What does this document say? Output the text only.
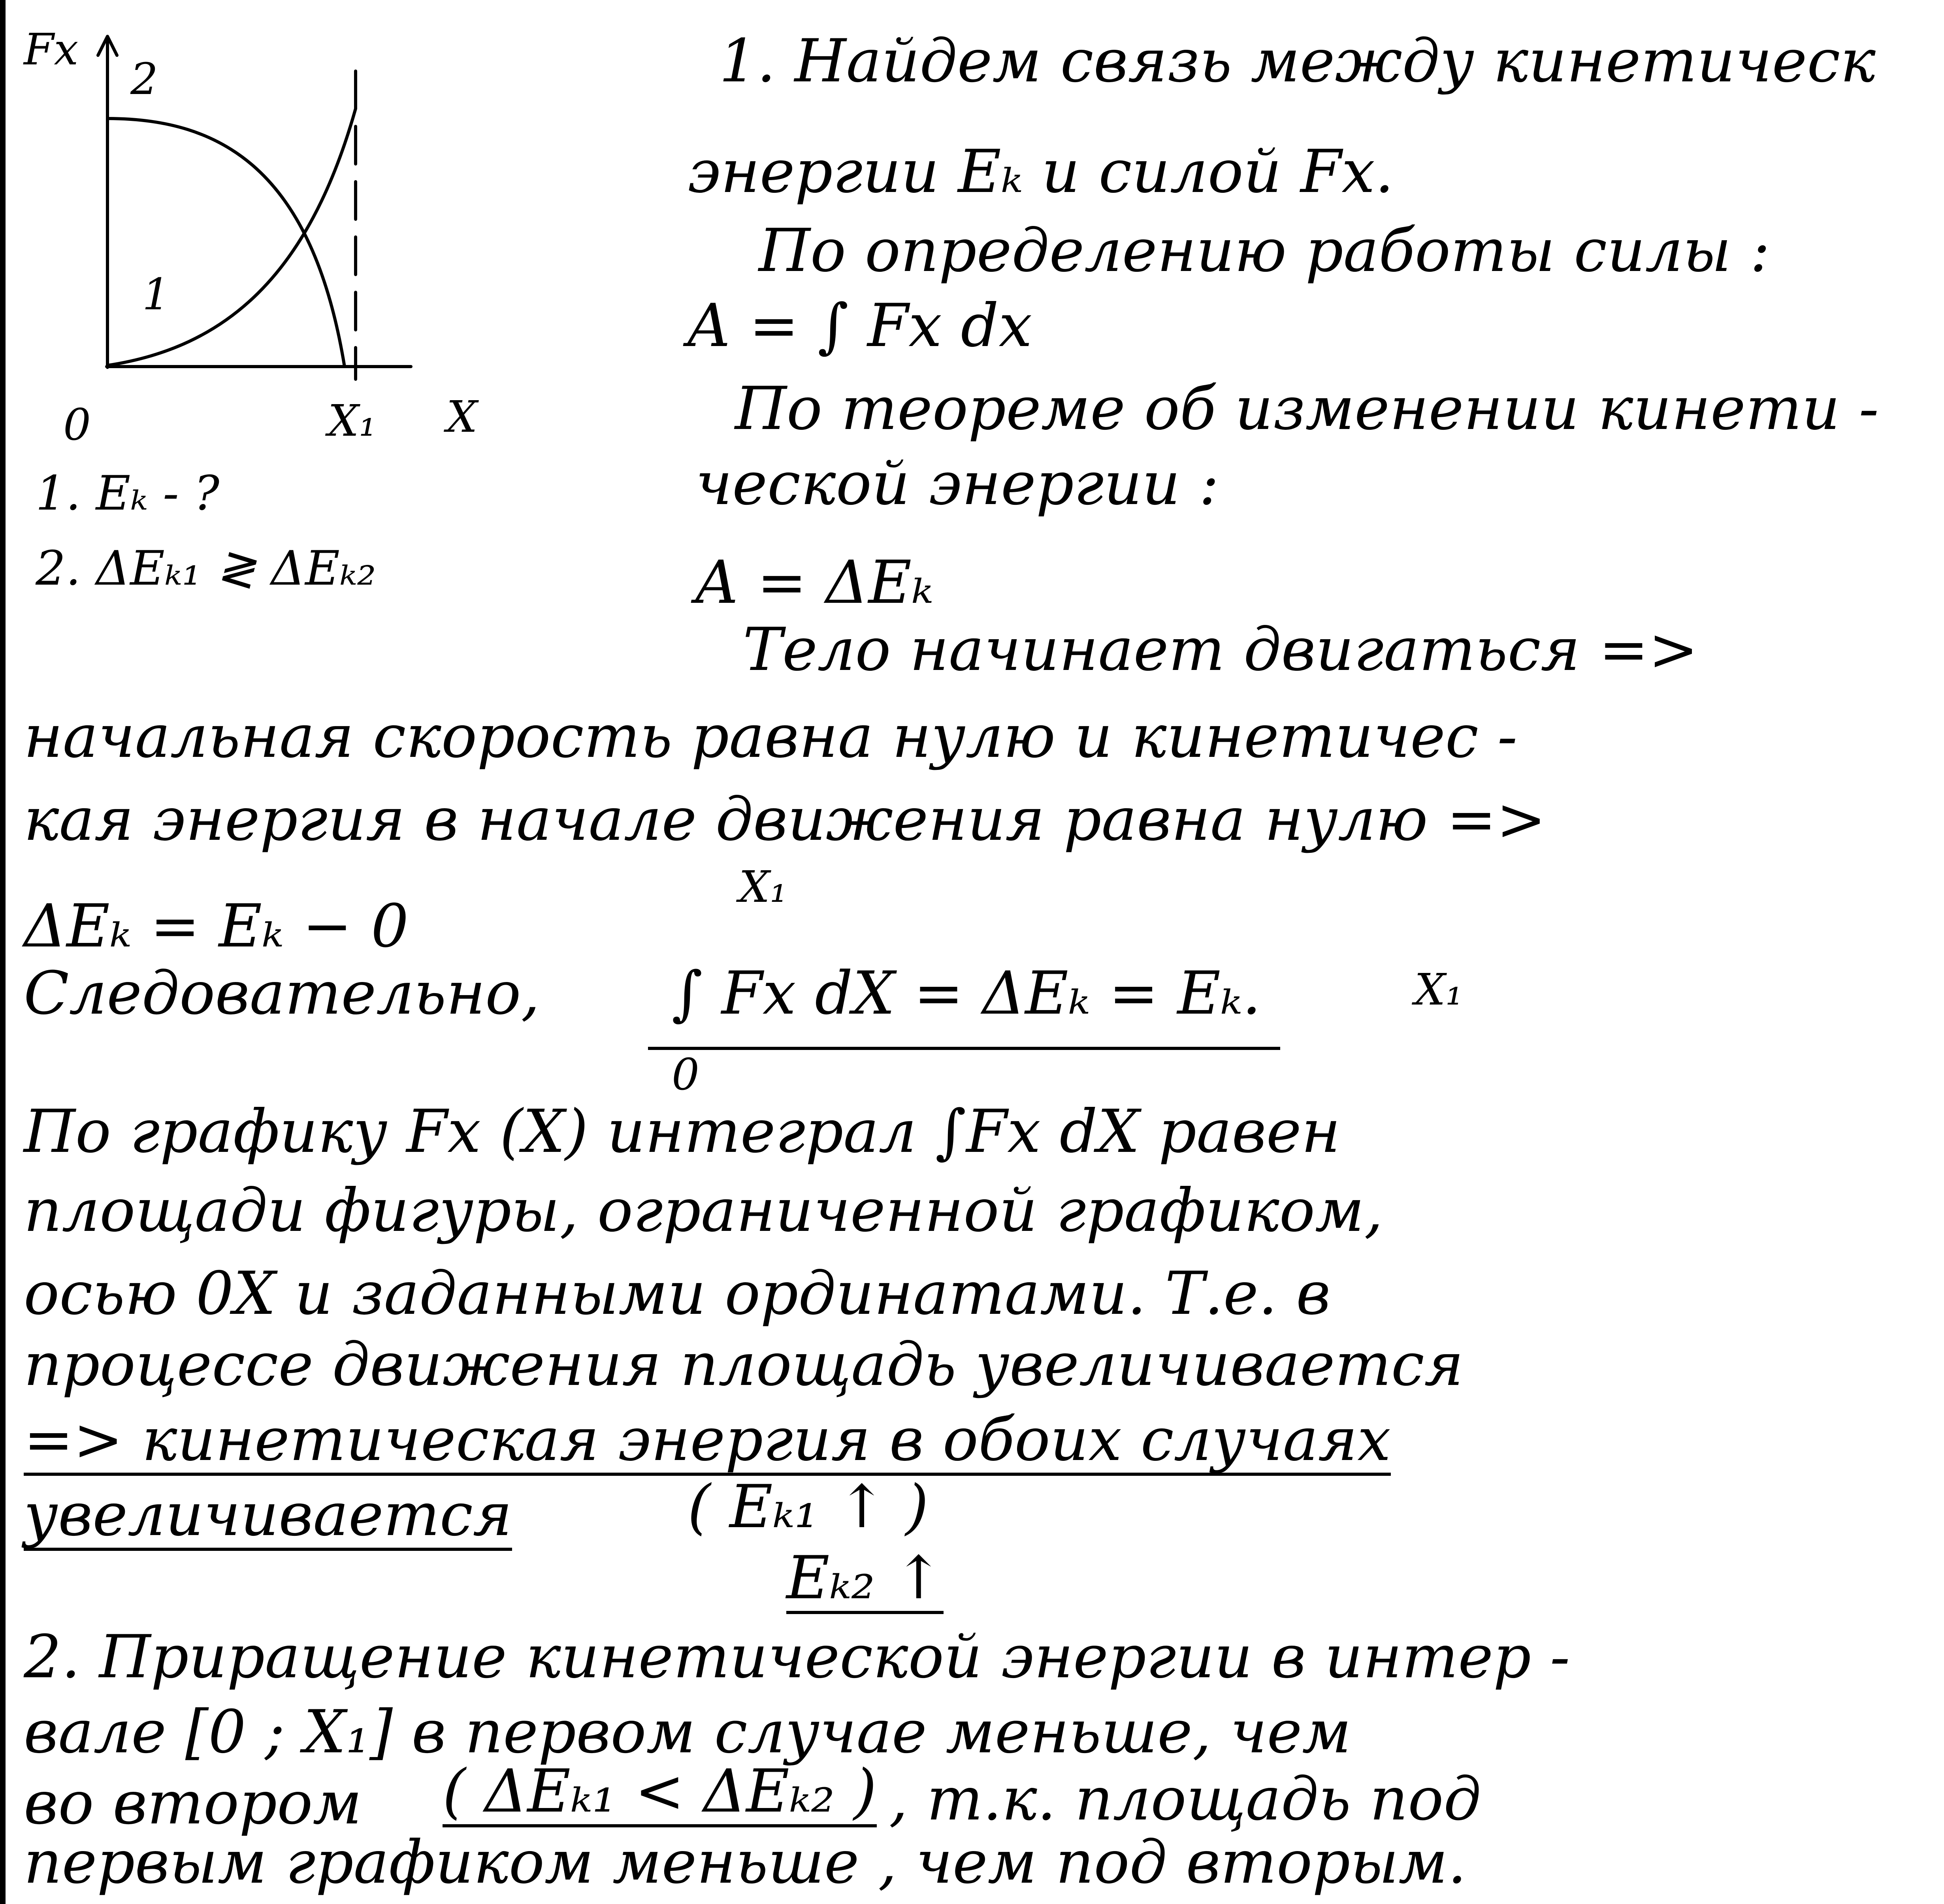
Fx
2
1
0	X₁ X
1. Eₖ - ?
2. ΔEₖ₁ ≷ ΔEₖ₂
1. Найдем связь между кинетическ
энергии Eₖ и силой Fx.
По определению работы силы :
A = ∫ Fx dx
По теореме об изменении кинети -
ческой энергии :
A = ΔEₖ
Тело начинает двигаться =>
начальная скорость равна нулю и кинетичес -
кая энергия в начале движения равна нулю =>
ΔEₖ = Eₖ − 0
X₁
Следовательно, ∫ Fx dX = ΔEₖ = Eₖ.
0
X₁
По графику Fx (X) интеграл ∫Fx dX равен
площади фигуры, ограниченной графиком,
осью 0X и заданными ординатами. Т.е. в
процессе движения площадь увеличивается
=> кинетическая энергия в обоих случаях
увеличивается	( Eₖ₁ ↑ )
Eₖ₂ ↑
2. Приращение кинетической энергии в интер -
вале [0 ; X₁] в первом случае меньше, чем
во втором ( ΔEₖ₁ < ΔEₖ₂ ) , т.к. площадь под
первым графиком меньше , чем под вторым.
